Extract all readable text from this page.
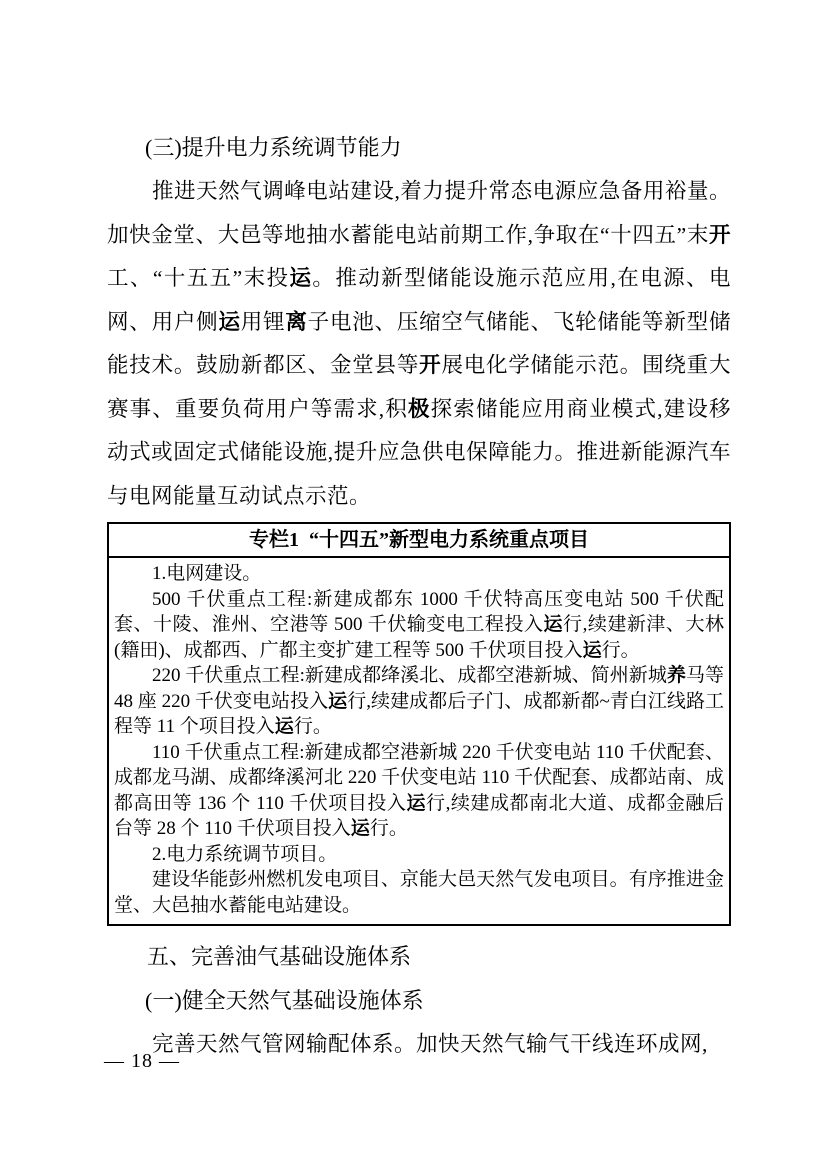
(三)提升电力系统调节能力
推进天然气调峰电站建设,着力提升常态电源应急备用裕量。加快金堂、大邑等地抽水蓄能电站前期工作,争取在“十四五”末开工、“十五五”末投运。推动新型储能设施示范应用,在电源、电网、用户侧运用锂离子电池、压缩空气储能、飞轮储能等新型储能技术。鼓励新都区、金堂县等开展电化学储能示范。围绕重大赛事、重要负荷用户等需求,积极探索储能应用商业模式,建设移动式或固定式储能设施,提升应急供电保障能力。推进新能源汽车与电网能量互动试点示范。
专栏1  “十四五”新型电力系统重点项目
1.电网建设。
500 千伏重点工程:新建成都东 1000 千伏特高压变电站 500 千伏配套、十陵、淮州、空港等 500 千伏输变电工程投入运行,续建新津、大林(籍田)、成都西、广都主变扩建工程等 500 千伏项目投入运行。
220 千伏重点工程:新建成都绛溪北、成都空港新城、简州新城养马等 48 座 220 千伏变电站投入运行,续建成都后子门、成都新都~青白江线路工程等 11 个项目投入运行。
110 千伏重点工程:新建成都空港新城 220 千伏变电站 110 千伏配套、成都龙马湖、成都绛溪河北 220 千伏变电站 110 千伏配套、成都站南、成都高田等 136 个 110 千伏项目投入运行,续建成都南北大道、成都金融后台等 28 个 110 千伏项目投入运行。
2.电力系统调节项目。
建设华能彭州燃机发电项目、京能大邑天然气发电项目。有序推进金堂、大邑抽水蓄能电站建设。
五、完善油气基础设施体系
(一)健全天然气基础设施体系
完善天然气管网输配体系。加快天然气输气干线连环成网,
— 18 —
